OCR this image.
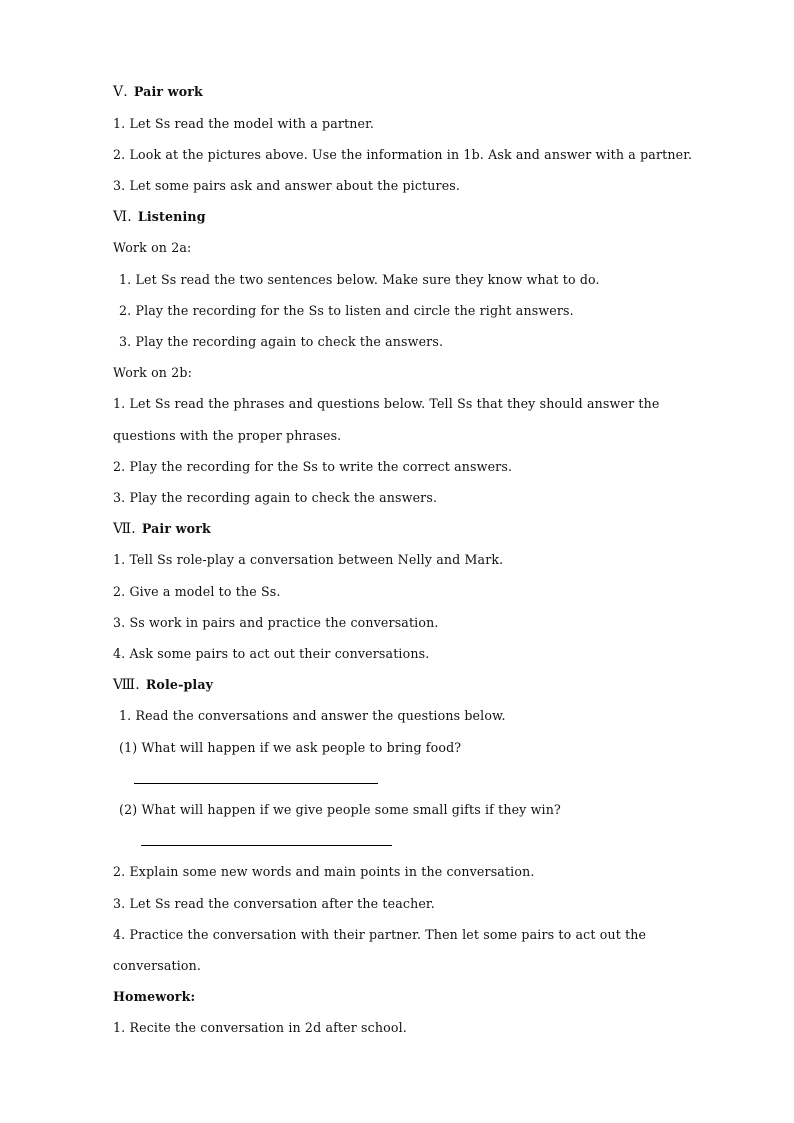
Ⅴ. Pair work
1. Let Ss read the model with a partner.
2. Look at the pictures above. Use the information in 1b. Ask and answer with a partner.
3. Let some pairs ask and answer about the pictures.
Ⅵ. Listening
Work on 2a:
1. Let Ss read the two sentences below. Make sure they know what to do.
2. Play the recording for the Ss to listen and circle the right answers.
3. Play the recording again to check the answers.
Work on 2b:
1. Let Ss read the phrases and questions below. Tell Ss that they should answer the
questions with the proper phrases.
2. Play the recording for the Ss to write the correct answers.
3. Play the recording again to check the answers.
Ⅶ. Pair work
1. Tell Ss role-play a conversation between Nelly and Mark.
2. Give a model to the Ss.
3. Ss work in pairs and practice the conversation.
4. Ask some pairs to act out their conversations.
Ⅷ. Role-play
1. Read the conversations and answer the questions below.
(1) What will happen if we ask people to bring food?
(2) What will happen if we give people some small gifts if they win?
2. Explain some new words and main points in the conversation.
3. Let Ss read the conversation after the teacher.
4. Practice the conversation with their partner. Then let some pairs to act out the
conversation.
Homework:
1. Recite the conversation in 2d after school.
